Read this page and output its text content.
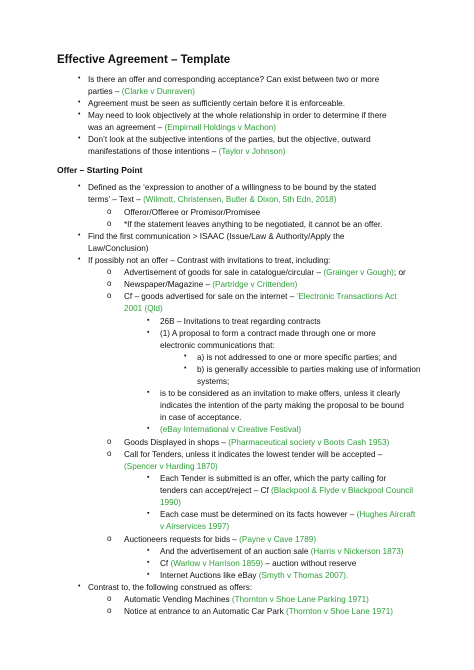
Effective Agreement – Template
Offer – Starting Point
• Is there an offer and corresponding acceptance? Can exist between two or more
parties – (Clarke v Dunraven)
• Agreement must be seen as sufficiently certain before it is enforceable.
• May need to look objectively at the whole relationship in order to determine if there
was an agreement – (Empirnall Holdings v Machon)
• Don’t look at the subjective intentions of the parties, but the objective, outward
manifestations of those intentions – (Taylor v Johnson)
• Defined as the ‘expression to another of a willingness to be bound by the stated
terms’ – Text – (Wilmott, Christensen, Butler & Dixon, 5th Edn, 2018)
o Offeror/Offeree or Promisor/Promisee
o *If the statement leaves anything to be negotiated, it cannot be an offer.
• Find the first communication > ISAAC (Issue/Law & Authority/Apply the
Law/Conclusion)
• If possibly not an offer – Contrast with invitations to treat, including:
o Advertisement of goods for sale in catalogue/circular – (Grainger v Gough); or
o Newspaper/Magazine – (Partridge v Crittenden)
o Cf – goods advertised for sale on the internet – ‘Electronic Transactions Act
2001 (Qld)
▪ 26B – Invitations to treat regarding contracts
▪ (1) A proposal to form a contract made through one or more
electronic communications that:
• a) is not addressed to one or more specific parties; and
• b) is generally accessible to parties making use of information
systems;
▪ is to be considered as an invitation to make offers, unless it clearly
indicates the intention of the party making the proposal to be bound
in case of acceptance.
▪ (eBay International v Creative Festival)
o Goods Displayed in shops – (Pharmaceutical society v Boots Cash 1953)
o Call for Tenders, unless it indicates the lowest tender will be accepted –
(Spencer v Harding 1870)
▪ Each Tender is submitted is an offer, which the party calling for
tenders can accept/reject – Cf (Blackpool & Flyde v Blackpool Council
1990)
▪ Each case must be determined on its facts however – (Hughes Aircraft
v Airservices 1997)
o Auctioneers requests for bids – (Payne v Cave 1789)
▪ And the advertisement of an auction sale (Harris v Nickerson 1873)
▪ Cf (Warlow v Harrison 1859) – auction without reserve
▪ Internet Auctions like eBay (Smyth v Thomas 2007).
• Contrast to, the following construed as offers:
o Automatic Vending Machines (Thornton v Shoe Lane Parking 1971)
o Notice at entrance to an Automatic Car Park (Thornton v Shoe Lane 1971)
